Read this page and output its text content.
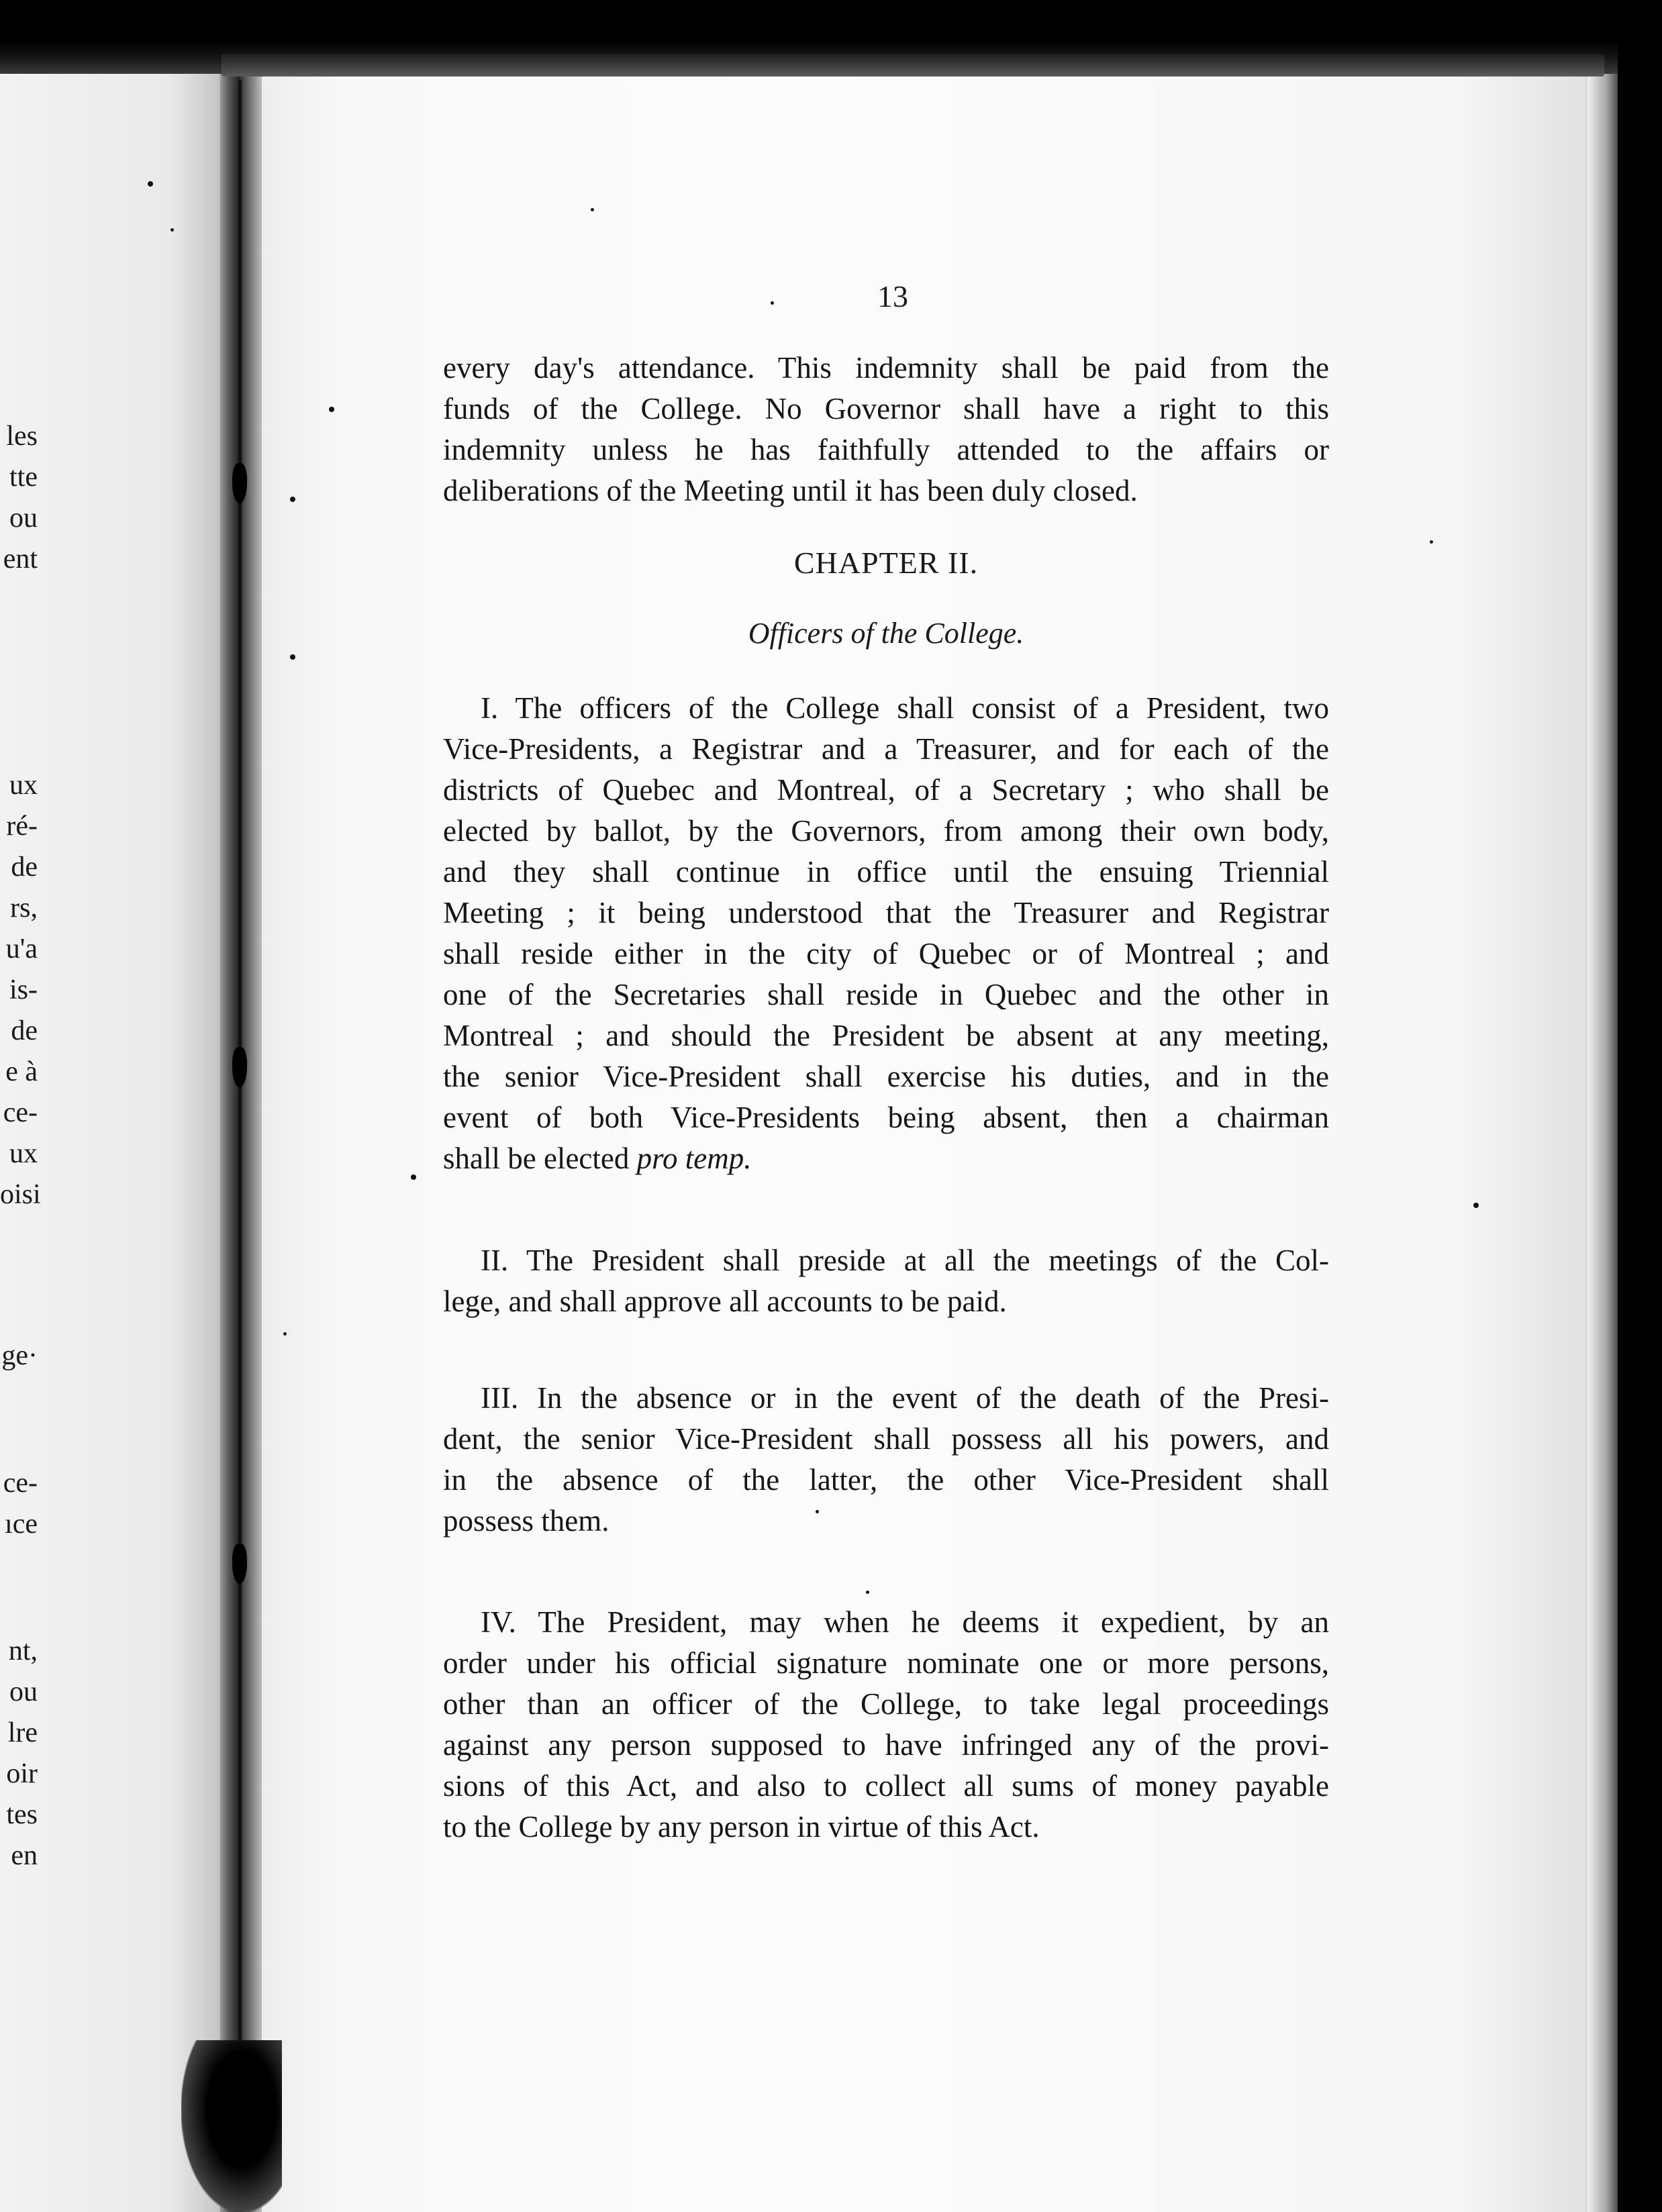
les
tte
ou
ent
ux
ré-
de
rs,
u'a
is-
de
e à
ce-
ux
oisi
ge·
ce-
ıce
nt,
ou
lre
oir
tes
en
13
every day's attendance. This indemnity shall be paid from the
funds of the College. No Governor shall have a right to this
indemnity unless he has faithfully attended to the affairs or
deliberations of the Meeting until it has been duly closed.
CHAPTER II.
Officers of the College.
I. The officers of the College shall consist of a President, two
Vice-Presidents, a Registrar and a Treasurer, and for each of the
districts of Quebec and Montreal, of a Secretary ; who shall be
elected by ballot, by the Governors, from among their own body,
and they shall continue in office until the ensuing Triennial
Meeting ; it being understood that the Treasurer and Registrar
shall reside either in the city of Quebec or of Montreal ; and
one of the Secretaries shall reside in Quebec and the other in
Montreal ; and should the President be absent at any meeting,
the senior Vice-President shall exercise his duties, and in the
event of both Vice-Presidents being absent, then a chairman
shall be elected pro temp.
II. The President shall preside at all the meetings of the Col-
lege, and shall approve all accounts to be paid.
III. In the absence or in the event of the death of the Presi-
dent, the senior Vice-President shall possess all his powers, and
in the absence of the latter, the other Vice-President shall
possess them.
IV. The President, may when he deems it expedient, by an
order under his official signature nominate one or more persons,
other than an officer of the College, to take legal proceedings
against any person supposed to have infringed any of the provi-
sions of this Act, and also to collect all sums of money payable
to the College by any person in virtue of this Act.
